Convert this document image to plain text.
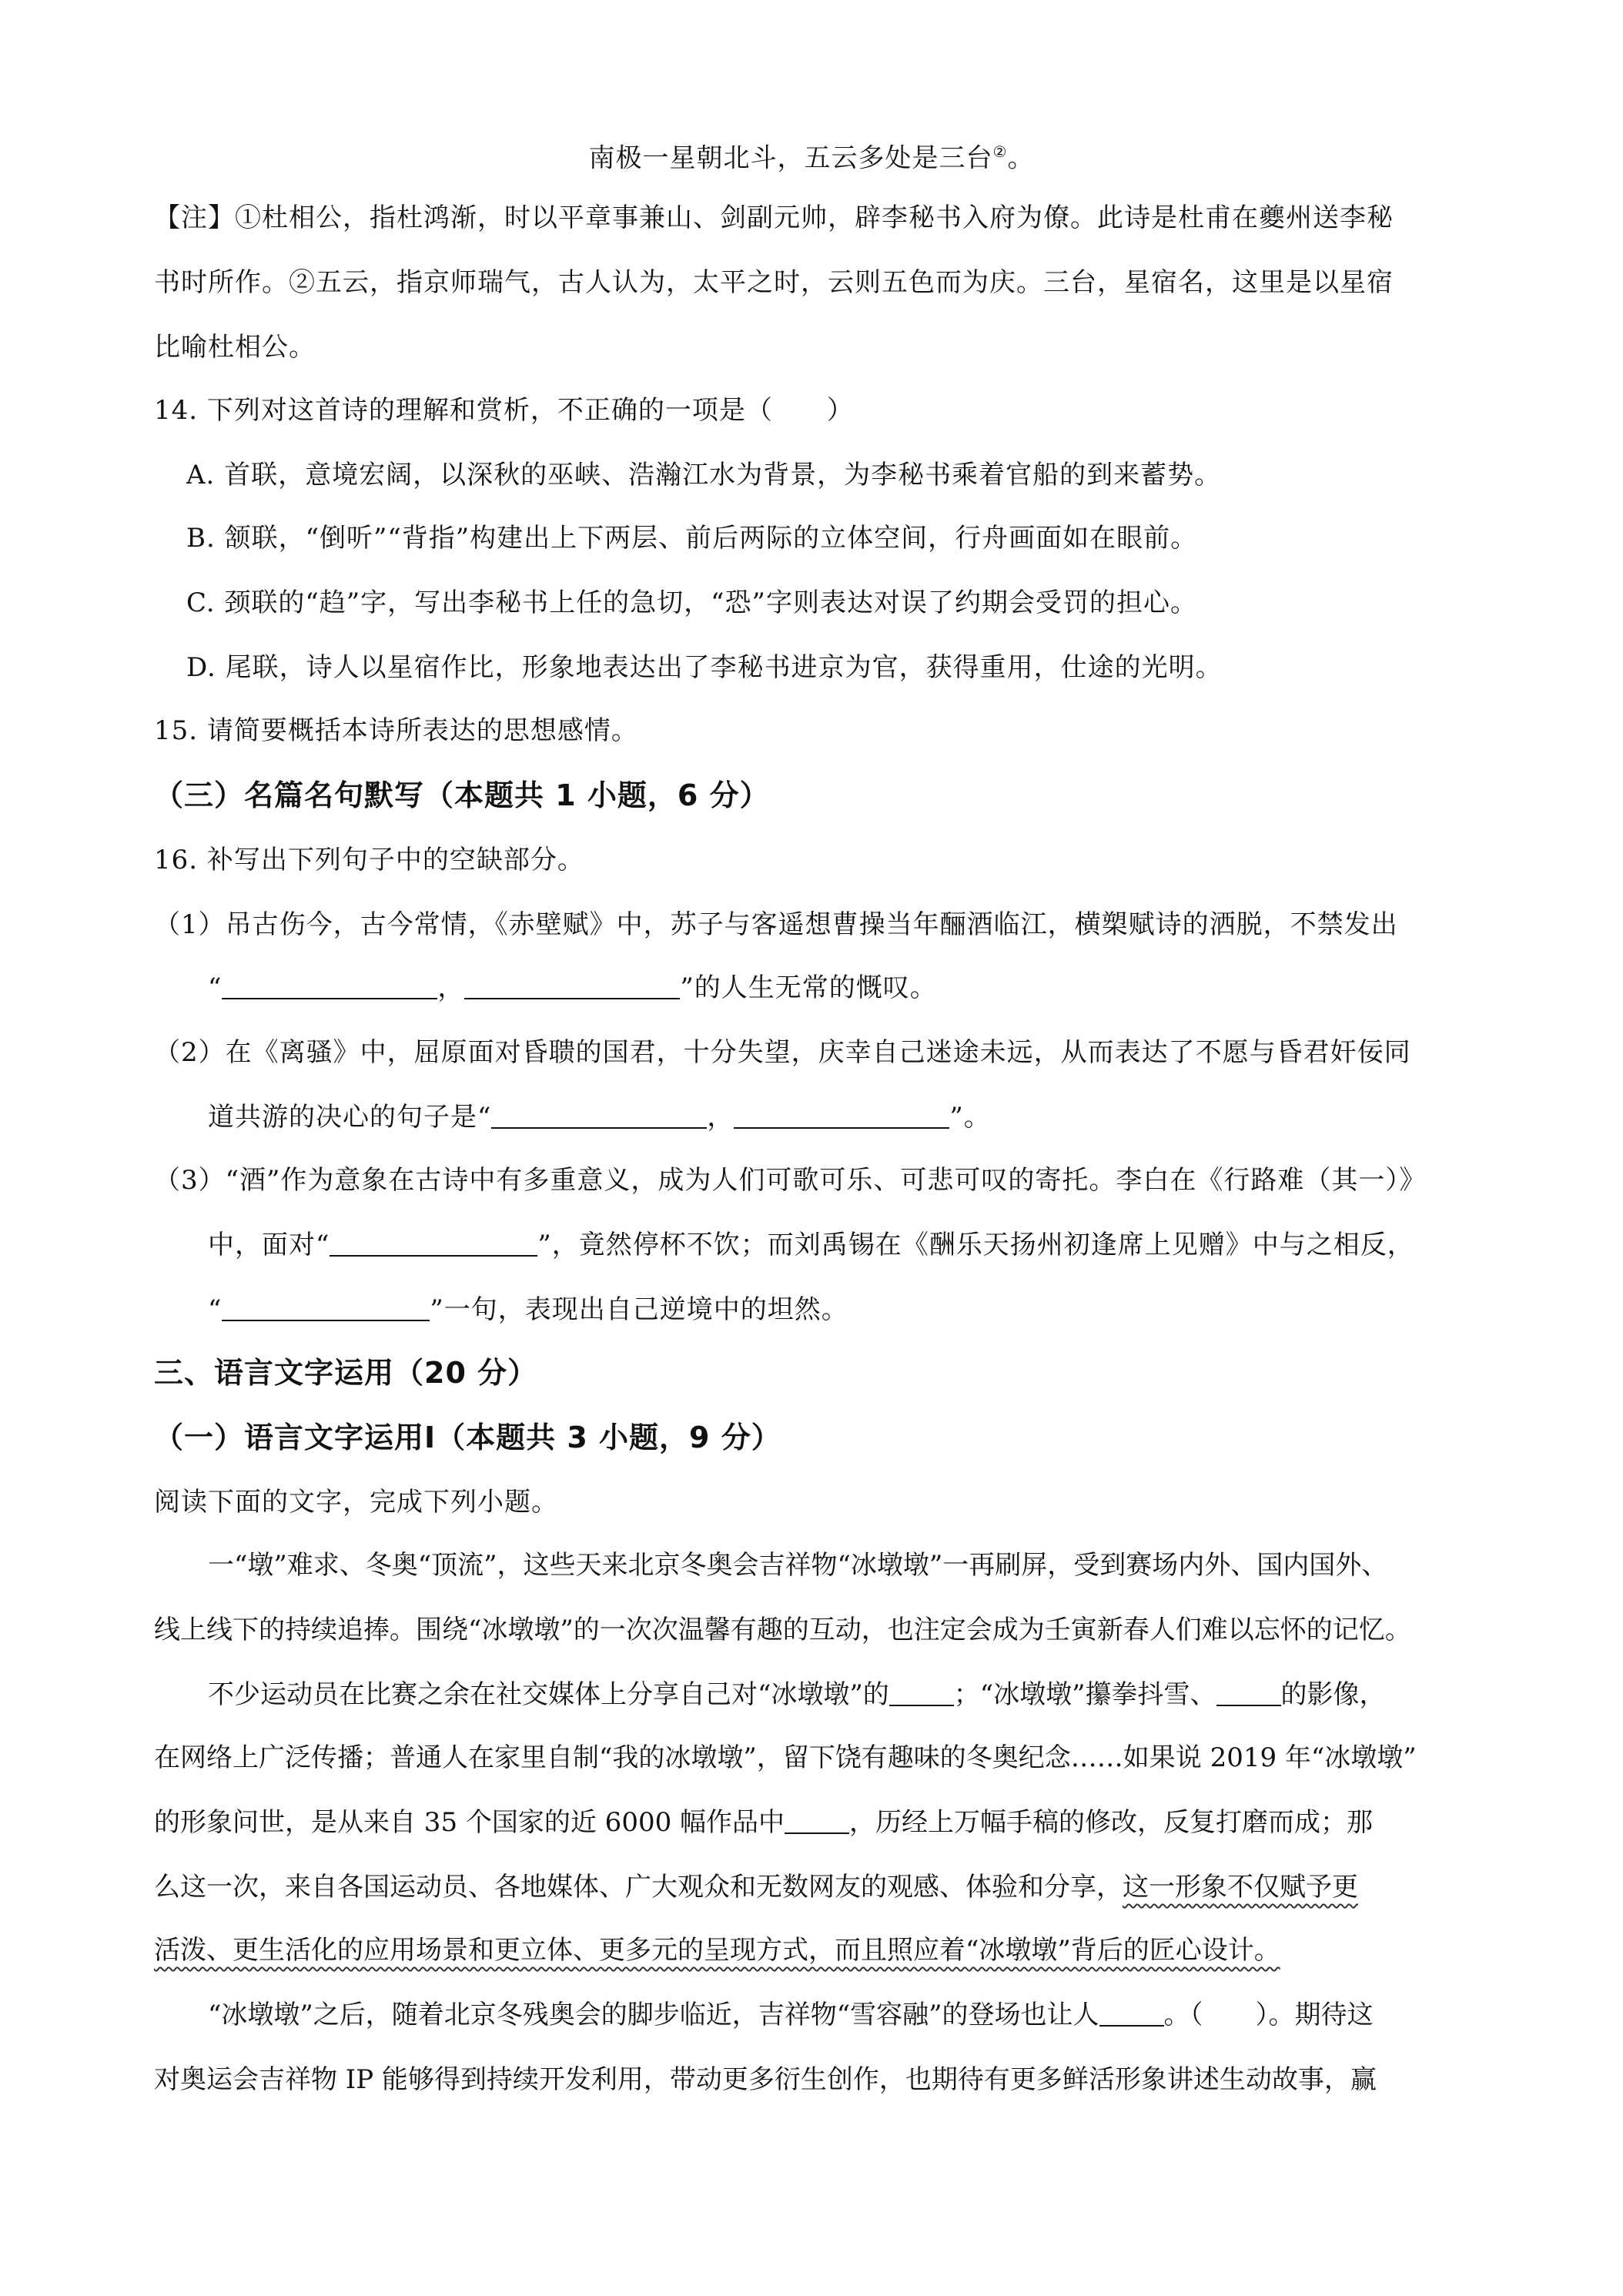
南极一星朝北斗，五云多处是三台②。
【注】①杜相公，指杜鸿渐，时以平章事兼山、剑副元帅，辟李秘书入府为僚。此诗是杜甫在夔州送李秘
书时所作。②五云，指京师瑞气，古人认为，太平之时，云则五色而为庆。三台，星宿名，这里是以星宿
比喻杜相公。
14. 下列对这首诗的理解和赏析，不正确的一项是（　　）
A. 首联，意境宏阔，以深秋的巫峡、浩瀚江水为背景，为李秘书乘着官船的到来蓄势。
B. 颔联，“倒听”“背指”构建出上下两层、前后两际的立体空间，行舟画面如在眼前。
C. 颈联的“趋”字，写出李秘书上任的急切，“恐”字则表达对误了约期会受罚的担心。
D. 尾联，诗人以星宿作比，形象地表达出了李秘书进京为官，获得重用，仕途的光明。
15. 请简要概括本诗所表达的思想感情。
（三）名篇名句默写（本题共 1 小题，6 分）
16. 补写出下列句子中的空缺部分。
（1）吊古伤今，古今常情，《赤壁赋》中，苏子与客遥想曹操当年酾酒临江，横槊赋诗的洒脱，不禁发出
“	，	”的人生无常的慨叹。
（2）在《离骚》中，屈原面对昏聩的国君，十分失望，庆幸自己迷途未远，从而表达了不愿与昏君奸佞同
道共游的决心的句子是“	，	”。
（3）“酒”作为意象在古诗中有多重意义，成为人们可歌可乐、可悲可叹的寄托。李白在《行路难（其一）》
中，面对“	”，竟然停杯不饮；而刘禹锡在《酬乐天扬州初逢席上见赠》中与之相反，
“	”一句，表现出自己逆境中的坦然。
三、语言文字运用（20 分）
（一）语言文字运用Ⅰ（本题共 3 小题，9 分）
阅读下面的文字，完成下列小题。
一“墩”难求、冬奥“顶流”，这些天来北京冬奥会吉祥物“冰墩墩”一再刷屏，受到赛场内外、国内国外、
线上线下的持续追捧。围绕“冰墩墩”的一次次温馨有趣的互动，也注定会成为壬寅新春人们难以忘怀的记忆。
不少运动员在比赛之余在社交媒体上分享自己对“冰墩墩”的 ；“冰墩墩”攥拳抖雪、 的影像，
在网络上广泛传播；普通人在家里自制“我的冰墩墩”，留下饶有趣味的冬奥纪念……如果说 2019 年“冰墩墩”
的形象问世，是从来自 35 个国家的近 6000 幅作品中 ，历经上万幅手稿的修改，反复打磨而成；那
么这一次，来自各国运动员、各地媒体、广大观众和无数网友的观感、体验和分享，这一形象不仅赋予更
活泼、更生活化的应用场景和更立体、更多元的呈现方式，而且照应着“冰墩墩”背后的匠心设计。
“冰墩墩”之后，随着北京冬残奥会的脚步临近，吉祥物“雪容融”的登场也让人 。（　　）。期待这
对奥运会吉祥物 IP 能够得到持续开发利用，带动更多衍生创作，也期待有更多鲜活形象讲述生动故事，赢
